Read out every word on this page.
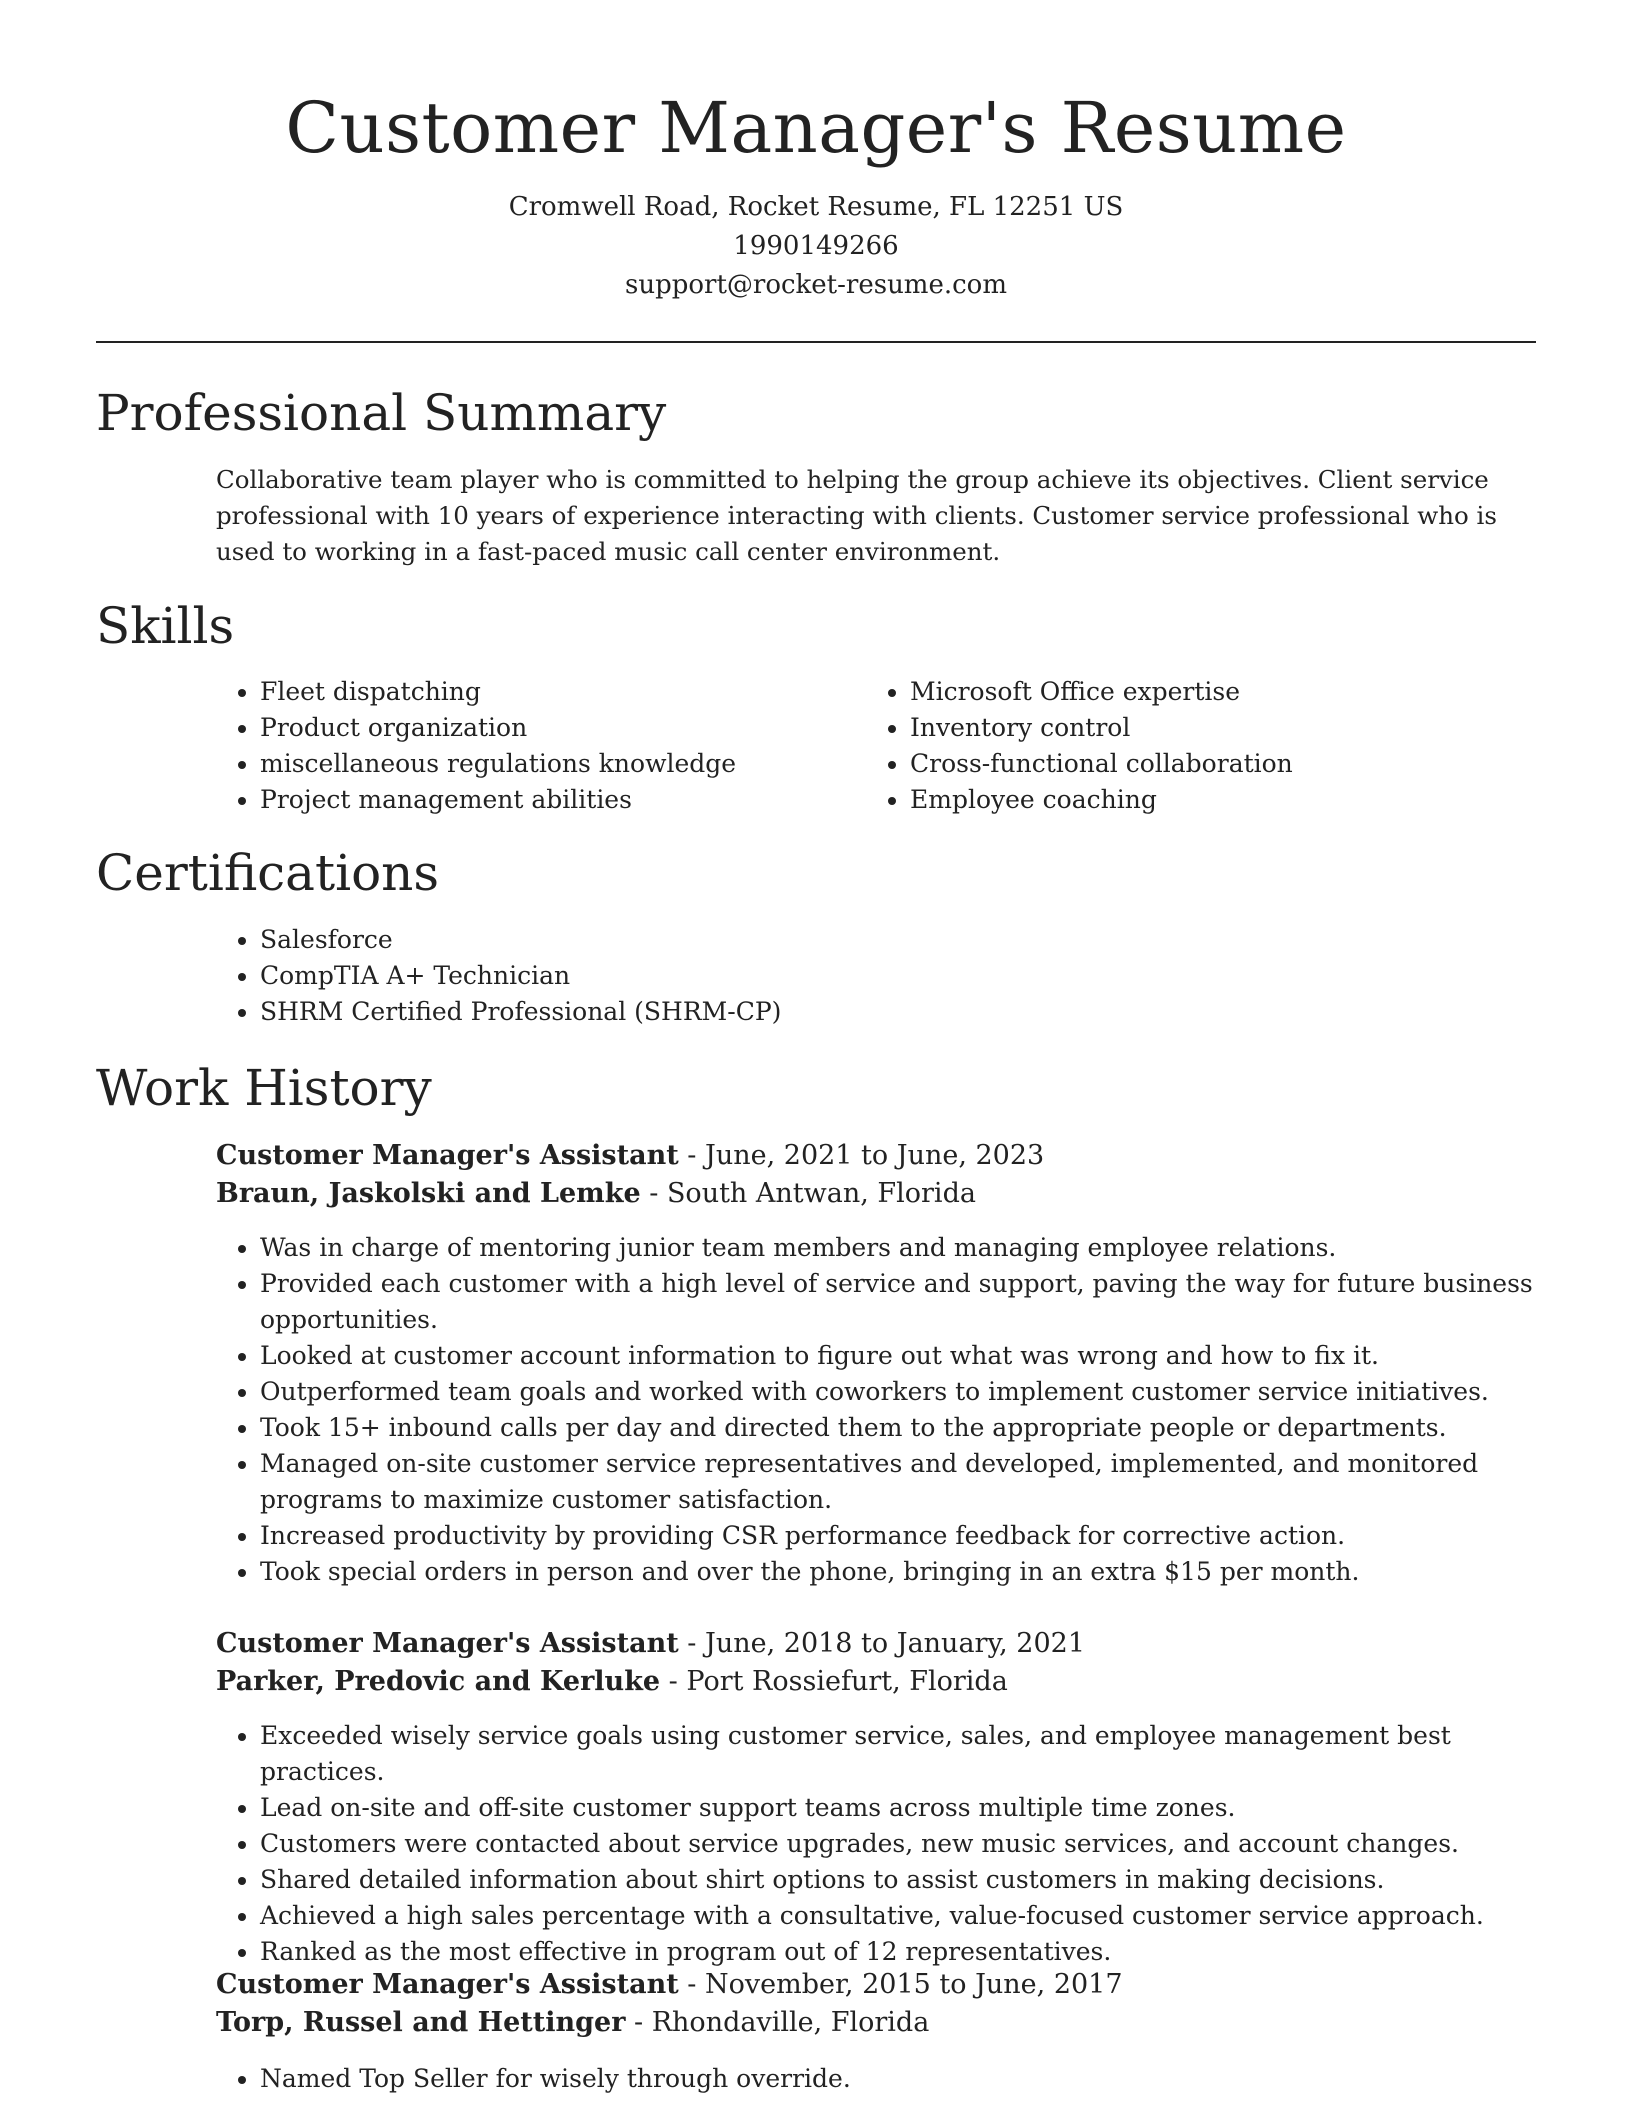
Customer Manager's Resume
Cromwell Road, Rocket Resume, FL 12251 US
1990149266
support@rocket-resume.com
Professional Summary

Collaborative team player who is committed to helping the group achieve its objectives. Client service professional with 10 years of experience interacting with clients. Customer service professional who is used to working in a fast-paced music call center environment.

Skills
• Fleet dispatching
• Product organization
• miscellaneous regulations knowledge
• Project management abilities
• Microsoft Office expertise
• Inventory control
• Cross-functional collaboration
• Employee coaching
Certifications
• Salesforce
• CompTIA A+ Technician
• SHRM Certified Professional (SHRM-CP)
Work History
Customer Manager's Assistant - June, 2021 to June, 2023
Braun, Jaskolski and Lemke - South Antwan, Florida
• Was in charge of mentoring junior team members and managing employee relations.
• Provided each customer with a high level of service and support, paving the way for future business opportunities.
• Looked at customer account information to figure out what was wrong and how to fix it.
• Outperformed team goals and worked with coworkers to implement customer service initiatives.
• Took 15+ inbound calls per day and directed them to the appropriate people or departments.
• Managed on-site customer service representatives and developed, implemented, and monitored programs to maximize customer satisfaction.
• Increased productivity by providing CSR performance feedback for corrective action.
• Took special orders in person and over the phone, bringing in an extra $15 per month.
Customer Manager's Assistant - June, 2018 to January, 2021
Parker, Predovic and Kerluke - Port Rossiefurt, Florida
• Exceeded wisely service goals using customer service, sales, and employee management best practices.
• Lead on-site and off-site customer support teams across multiple time zones.
• Customers were contacted about service upgrades, new music services, and account changes.
• Shared detailed information about shirt options to assist customers in making decisions.
• Achieved a high sales percentage with a consultative, value-focused customer service approach.
• Ranked as the most effective in program out of 12 representatives.
Customer Manager's Assistant - November, 2015 to June, 2017
Torp, Russel and Hettinger - Rhondaville, Florida
• Named Top Seller for wisely through override.
